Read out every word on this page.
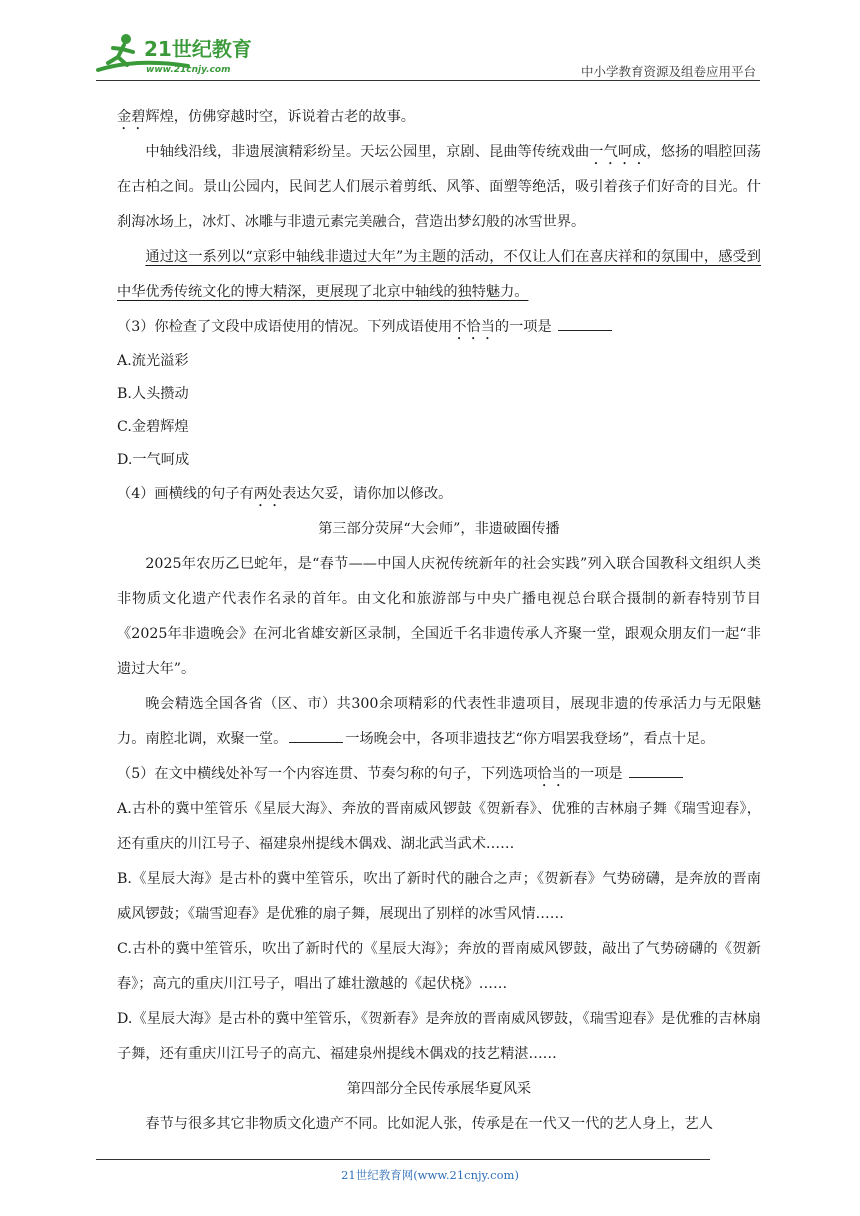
21世纪教育
www.21cnjy.com	中小学教育资源及组卷应用平台

金碧辉煌，仿佛穿越时空，诉说着古老的故事。

中轴线沿线，非遗展演精彩纷呈。天坛公园里，京剧、昆曲等传统戏曲一气呵成，悠扬的唱腔回荡在古柏之间。景山公园内，民间艺人们展示着剪纸、风筝、面塑等绝活，吸引着孩子们好奇的目光。什刹海冰场上，冰灯、冰雕与非遗元素完美融合，营造出梦幻般的冰雪世界。

通过这一系列以“京彩中轴线非遗过大年”为主题的活动，不仅让人们在喜庆祥和的氛围中，感受到中华优秀传统文化的博大精深，更展现了北京中轴线的独特魅力。

（3）你检查了文段中成语使用的情况。下列成语使用不恰当的一项是

A.流光溢彩

B.人头攒动

C.金碧辉煌

D.一气呵成

（4）画横线的句子有两处表达欠妥，请你加以修改。

第三部分荧屏“大会师”，非遗破圈传播

2025年农历乙巳蛇年，是“春节——中国人庆祝传统新年的社会实践”列入联合国教科文组织人类非物质文化遗产代表作名录的首年。由文化和旅游部与中央广播电视总台联合摄制的新春特别节目《2025年非遗晚会》在河北省雄安新区录制，全国近千名非遗传承人齐聚一堂，跟观众朋友们一起“非遗过大年”。

晚会精选全国各省（区、市）共300余项精彩的代表性非遗项目，展现非遗的传承活力与无限魅力。南腔北调，欢聚一堂。	一场晚会中，各项非遗技艺“你方唱罢我登场”，看点十足。

（5）在文中横线处补写一个内容连贯、节奏匀称的句子，下列选项恰当的一项是

A.古朴的冀中笙管乐《星辰大海》、奔放的晋南威风锣鼓《贺新春》、优雅的吉林扇子舞《瑞雪迎春》，还有重庆的川江号子、福建泉州提线木偶戏、湖北武当武术……

B.《星辰大海》是古朴的冀中笙管乐，吹出了新时代的融合之声；《贺新春》气势磅礴，是奔放的晋南威风锣鼓；《瑞雪迎春》是优雅的扇子舞，展现出了别样的冰雪风情……

C.古朴的冀中笙管乐，吹出了新时代的《星辰大海》；奔放的晋南威风锣鼓，敲出了气势磅礴的《贺新春》；高亢的重庆川江号子，唱出了雄壮激越的《起伏桡》……

D.《星辰大海》是古朴的冀中笙管乐，《贺新春》是奔放的晋南威风锣鼓，《瑞雪迎春》是优雅的吉林扇子舞，还有重庆川江号子的高亢、福建泉州提线木偶戏的技艺精湛……

第四部分全民传承展华夏风采

春节与很多其它非物质文化遗产不同。比如泥人张，传承是在一代又一代的艺人身上，艺人

21世纪教育网(www.21cnjy.com)
